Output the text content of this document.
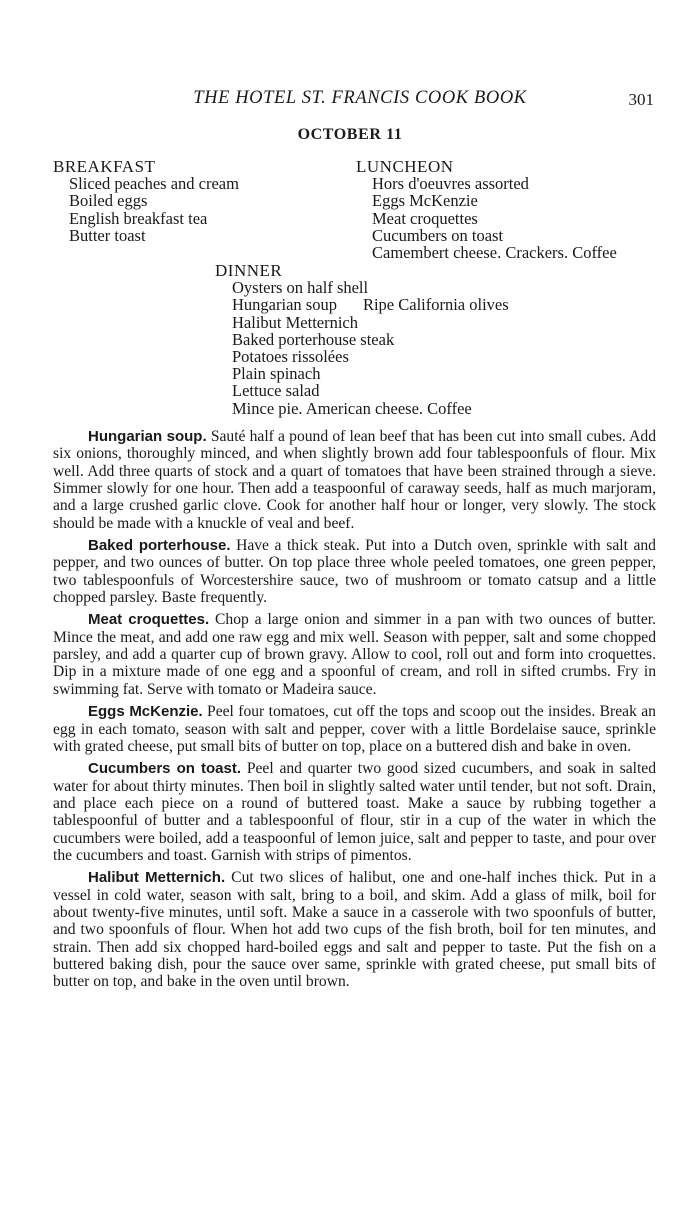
THE HOTEL ST. FRANCIS COOK BOOK	301
OCTOBER 11
BREAKFAST
Sliced peaches and cream
Boiled eggs
English breakfast tea
Butter toast
LUNCHEON
Hors d'oeuvres assorted
Eggs McKenzie
Meat croquettes
Cucumbers on toast
Camembert cheese. Crackers. Coffee
DINNER
Oysters on half shell
Hungarian soup Ripe California olives
Halibut Metternich
Baked porterhouse steak
Potatoes rissolées
Plain spinach
Lettuce salad
Mince pie. American cheese. Coffee

Hungarian soup. Sauté half a pound of lean beef that has been cut into small cubes. Add six onions, thoroughly minced, and when slightly brown add four tablespoonfuls of flour. Mix well. Add three quarts of stock and a quart of tomatoes that have been strained through a sieve. Simmer slowly for one hour. Then add a teaspoonful of caraway seeds, half as much marjoram, and a large crushed garlic clove. Cook for another half hour or longer, very slowly. The stock should be made with a knuckle of veal and beef.

Baked porterhouse. Have a thick steak. Put into a Dutch oven, sprinkle with salt and pepper, and two ounces of butter. On top place three whole peeled tomatoes, one green pepper, two tablespoonfuls of Worcestershire sauce, two of mushroom or tomato catsup and a little chopped parsley. Baste frequently.

Meat croquettes. Chop a large onion and simmer in a pan with two ounces of butter. Mince the meat, and add one raw egg and mix well. Season with pepper, salt and some chopped parsley, and add a quarter cup of brown gravy. Allow to cool, roll out and form into croquettes. Dip in a mixture made of one egg and a spoonful of cream, and roll in sifted crumbs. Fry in swimming fat. Serve with tomato or Madeira sauce.

Eggs McKenzie. Peel four tomatoes, cut off the tops and scoop out the insides. Break an egg in each tomato, season with salt and pepper, cover with a little Bordelaise sauce, sprinkle with grated cheese, put small bits of butter on top, place on a buttered dish and bake in oven.

Cucumbers on toast. Peel and quarter two good sized cucumbers, and soak in salted water for about thirty minutes. Then boil in slightly salted water until tender, but not soft. Drain, and place each piece on a round of buttered toast. Make a sauce by rubbing together a tablespoonful of butter and a tablespoonful of flour, stir in a cup of the water in which the cucumbers were boiled, add a teaspoonful of lemon juice, salt and pepper to taste, and pour over the cucumbers and toast. Garnish with strips of pimentos.

Halibut Metternich. Cut two slices of halibut, one and one-half inches thick. Put in a vessel in cold water, season with salt, bring to a boil, and skim. Add a glass of milk, boil for about twenty-five minutes, until soft. Make a sauce in a casserole with two spoonfuls of butter, and two spoonfuls of flour. When hot add two cups of the fish broth, boil for ten minutes, and strain. Then add six chopped hard-boiled eggs and salt and pepper to taste. Put the fish on a buttered baking dish, pour the sauce over same, sprinkle with grated cheese, put small bits of butter on top, and bake in the oven until brown.
